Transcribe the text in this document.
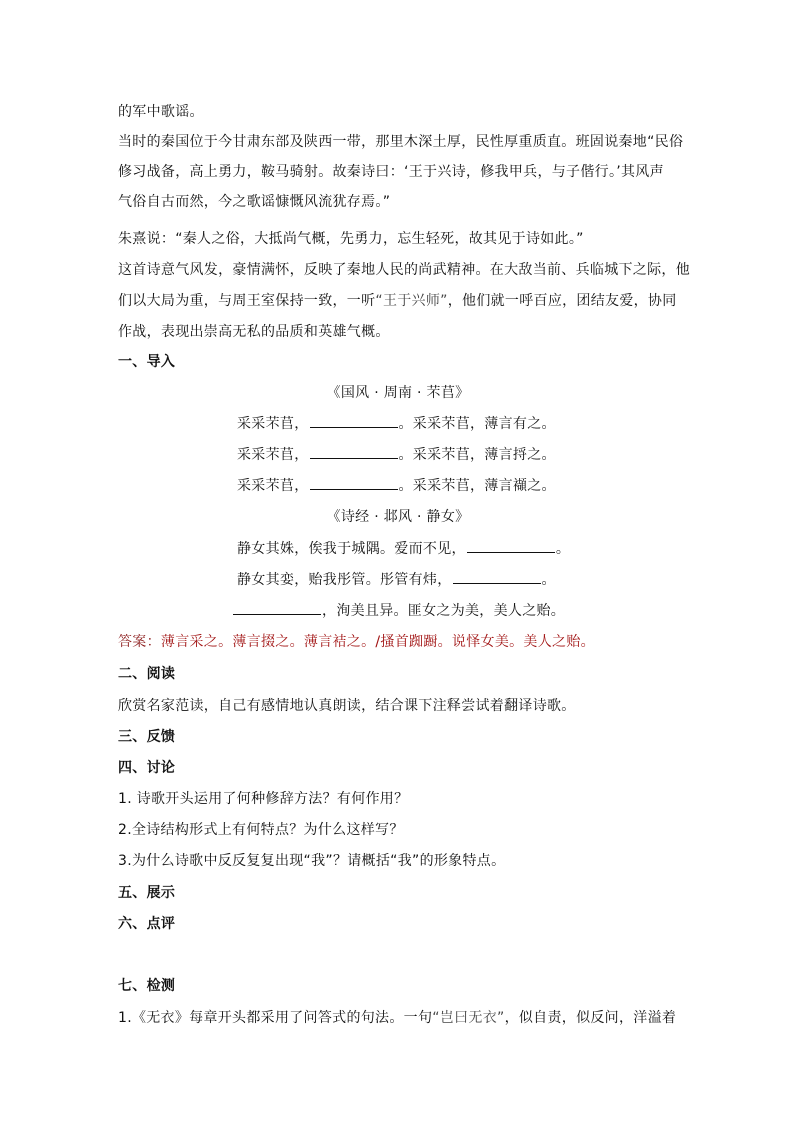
的军中歌谣。
当时的秦国位于今甘肃东部及陕西一带，那里木深土厚，民性厚重质直。班固说秦地“民俗
修习战备，高上勇力，鞍马骑射。故秦诗曰：‘王于兴诗，修我甲兵，与子偕行。’其风声
气俗自古而然，今之歌谣慷慨风流犹存焉。”
朱熹说：“秦人之俗，大抵尚气概，先勇力，忘生轻死，故其见于诗如此。”
这首诗意气风发，豪情满怀，反映了秦地人民的尚武精神。在大敌当前、兵临城下之际，他
们以大局为重，与周王室保持一致，一听“王于兴师”，他们就一呼百应，团结友爱，协同
作战，表现出崇高无私的品质和英雄气概。
一、导入
《国风 · 周南 · 芣苢》
采采芣苢，	。采采芣苢，薄言有之。
采采芣苢，	。采采芣苢，薄言捋之。
采采芣苢，	。采采芣苢，薄言襭之。
《诗经 · 邶风 · 静女》
静女其姝，俟我于城隅。爱而不见，	。
静女其娈，贻我彤管。彤管有炜，	。
，洵美且异。匪女之为美，美人之贻。
答案：薄言采之。薄言掇之。薄言袺之。/搔首踟蹰。说怿女美。美人之贻。
二、阅读
欣赏名家范读，自己有感情地认真朗读，结合课下注释尝试着翻译诗歌。
三、反馈
四、讨论
1. 诗歌开头运用了何种修辞方法？有何作用？
2.全诗结构形式上有何特点？为什么这样写？
3.为什么诗歌中反反复复出现“我”？请概括“我”的形象特点。
五、展示
六、点评
七、检测
1.《无衣》每章开头都采用了问答式的句法。一句“岂曰无衣”，似自责，似反问，洋溢着
